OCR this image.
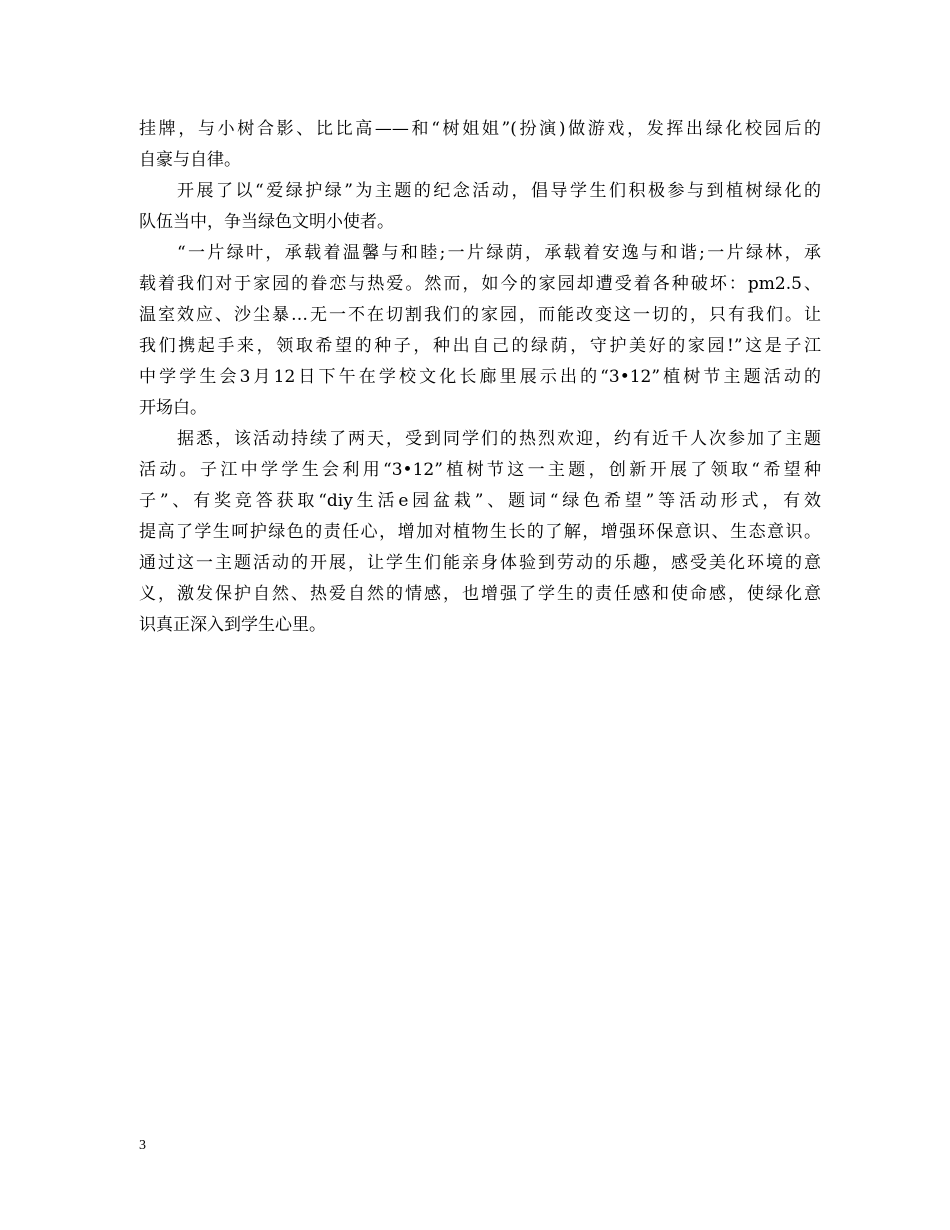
挂牌，与小树合影、比比高——和“树姐姐”(扮演)做游戏，发挥出绿化校园后的
自豪与自律。
开展了以“爱绿护绿”为主题的纪念活动，倡导学生们积极参与到植树绿化的
队伍当中，争当绿色文明小使者。
“一片绿叶，承载着温馨与和睦;一片绿荫，承载着安逸与和谐;一片绿林，承
载着我们对于家园的眷恋与热爱。然而，如今的家园却遭受着各种破坏：pm2.5、
温室效应、沙尘暴…无一不在切割我们的家园，而能改变这一切的，只有我们。让
我们携起手来，领取希望的种子，种出自己的绿荫，守护美好的家园!”这是子江
中学学生会3月12日下午在学校文化长廊里展示出的“3•12”植树节主题活动的
开场白。
据悉，该活动持续了两天，受到同学们的热烈欢迎，约有近千人次参加了主题
活动。子江中学学生会利用“3•12”植树节这一主题，创新开展了领取“希望种
子”、有奖竞答获取“diy生活e园盆栽”、题词“绿色希望”等活动形式，有效
提高了学生呵护绿色的责任心，增加对植物生长的了解，增强环保意识、生态意识。
通过这一主题活动的开展，让学生们能亲身体验到劳动的乐趣，感受美化环境的意
义，激发保护自然、热爱自然的情感，也增强了学生的责任感和使命感，使绿化意
识真正深入到学生心里。
3
